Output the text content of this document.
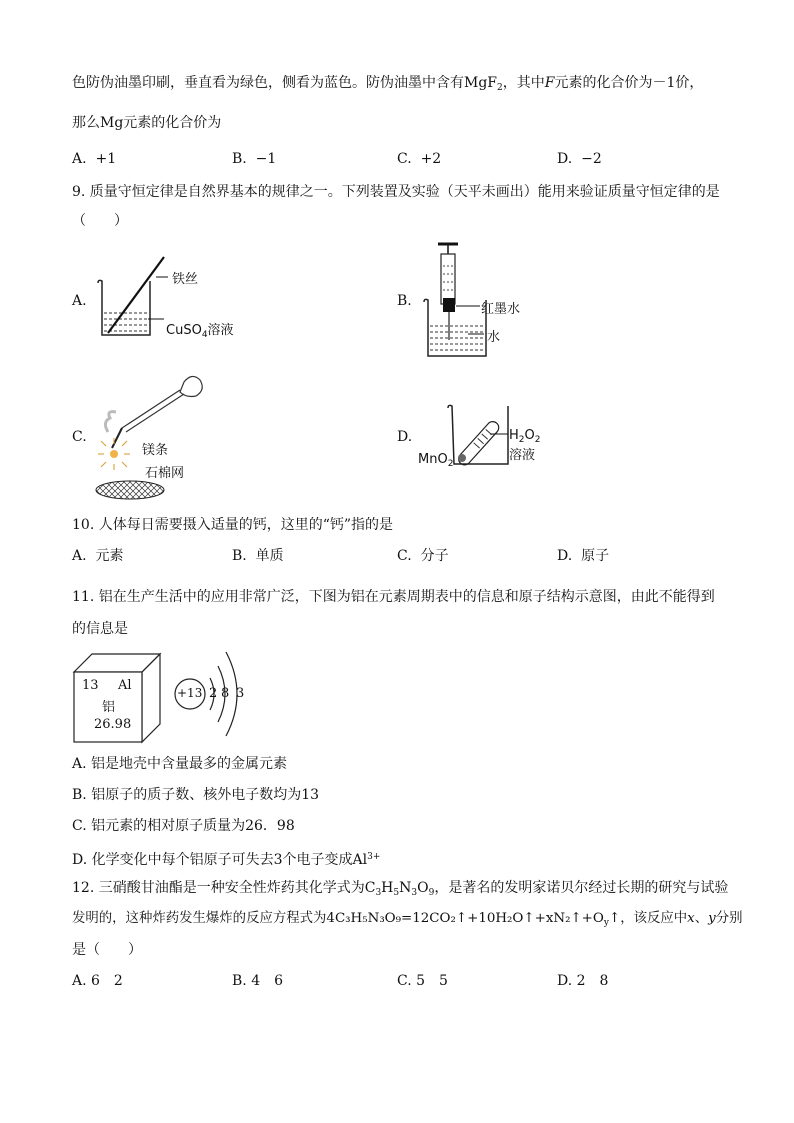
色防伪油墨印刷，垂直看为绿色，侧看为蓝色。防伪油墨中含有MgF$_2$，其中F元素的化合价为－1价，
那么Mg元素的化合价为
A. +1	B. −1	C. +2	D. −2
9. 质量守恒定律是自然界基本的规律之一。下列装置及实验（天平未画出）能用来验证质量守恒定律的是
（　　）
A.
铁丝
CuSO$_4$溶液
B.
红墨水
水
C.
镁条
石棉网
D.	$H_2O_2$
溶液
MnO$_2$
10. 人体每日需要摄入适量的钙，这里的“钙”指的是
A. 元素	B. 单质	C. 分子	D. 原子
11. 铝在生产生活中的应用非常广泛，下图为铝在元素周期表中的信息和原子结构示意图，由此不能得到
的信息是
13 Al
铝
26.98
+13 2 8 3
A. 铝是地壳中含量最多的金属元素
B. 铝原子的质子数、核外电子数均为13
C. 铝元素的相对原子质量为26．98
D. 化学变化中每个铝原子可失去3个电子变成$Al^{3+}$
12. 三硝酸甘油酯是一种安全性炸药其化学式为$C_3H_5N_3O_9$，是著名的发明家诺贝尔经过长期的研究与试验
发明的，这种炸药发生爆炸的反应方程式为$4C_3H_5N_3O_9=12CO_2↑+10H_2O↑+xN_2↑+O_y↑$，该反应中x、y分别
是（　　）
A. 6　2	B. 4　6	C. 5　5	D. 2　8
